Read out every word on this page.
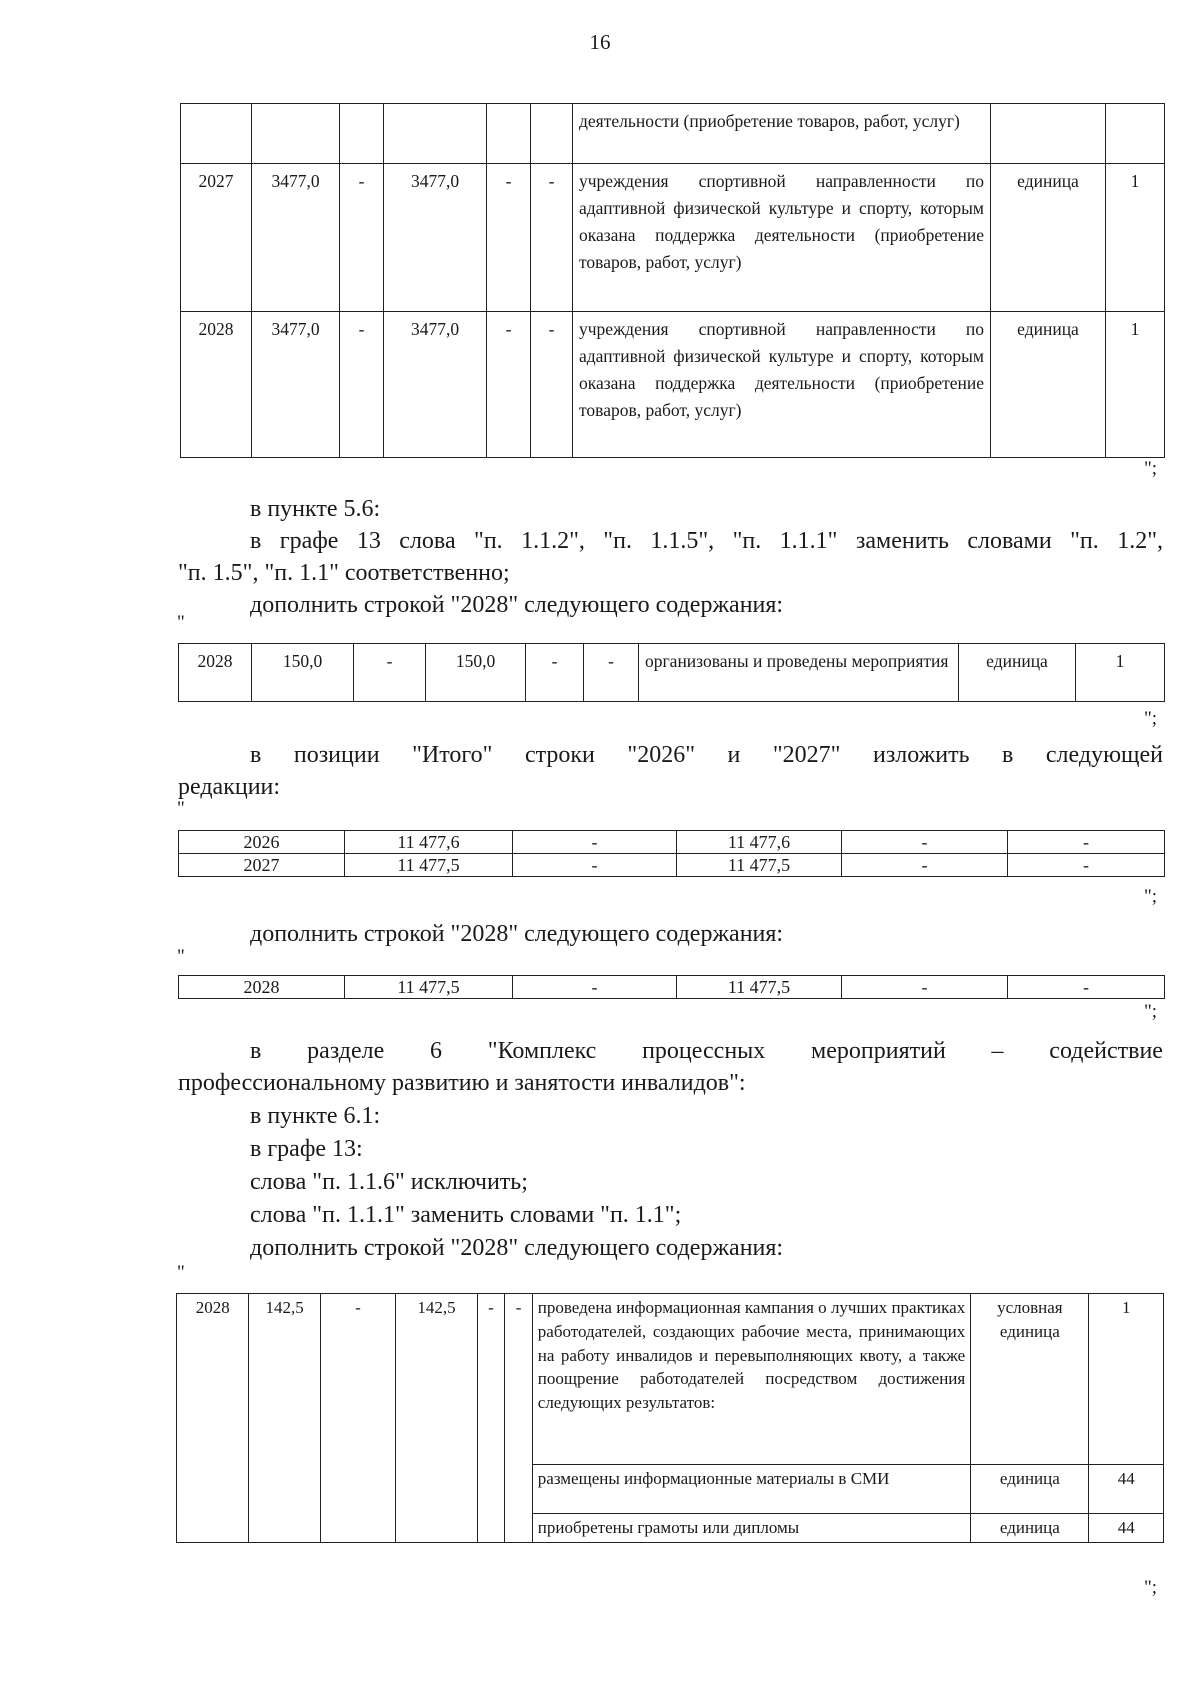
16
						деятельности (приобретение товаров, работ, услуг)		
2027	3477,0	-	3477,0	-	-	учреждения спортивной направленности по адаптивной физической культуре и спорту, которым оказана поддержка деятельности (приобретение товаров, работ, услуг)	единица	1
2028	3477,0	-	3477,0	-	-	учреждения спортивной направленности по адаптивной физической культуре и спорту, которым оказана поддержка деятельности (приобретение товаров, работ, услуг)	единица	1
";
в пункте 5.6:
в графе 13 слова "п. 1.1.2", "п. 1.1.5", "п. 1.1.1" заменить словами "п. 1.2",
"п. 1.5", "п. 1.1" соответственно;
дополнить строкой "2028" следующего содержания:
"
2028	150,0	-	150,0	-	-	организованы и проведены мероприятия	единица	1
";
в позиции "Итого" строки "2026" и "2027" изложить в следующей
редакции:
"
2026	11 477,6	-	11 477,6	-	-
2027	11 477,5	-	11 477,5	-	-
";
дополнить строкой "2028" следующего содержания:
"
2028	11 477,5	-	11 477,5	-	-
";
в разделе 6 "Комплекс процессных мероприятий – содействие
профессиональному развитию и занятости инвалидов":
в пункте 6.1:
в графе 13:
слова "п. 1.1.6" исключить;
слова "п. 1.1.1" заменить словами "п. 1.1";
дополнить строкой "2028" следующего содержания:
"
2028	142,5	-	142,5	-	-	проведена информационная кампания о лучших практиках работодателей, создающих рабочие места, принимающих на работу инвалидов и перевыполняющих квоту, а также поощрение работодателей посредством достижения следующих результатов:	условная единица	1
						размещены информационные материалы в СМИ	единица	44
						приобретены грамоты или дипломы	единица	44
";
